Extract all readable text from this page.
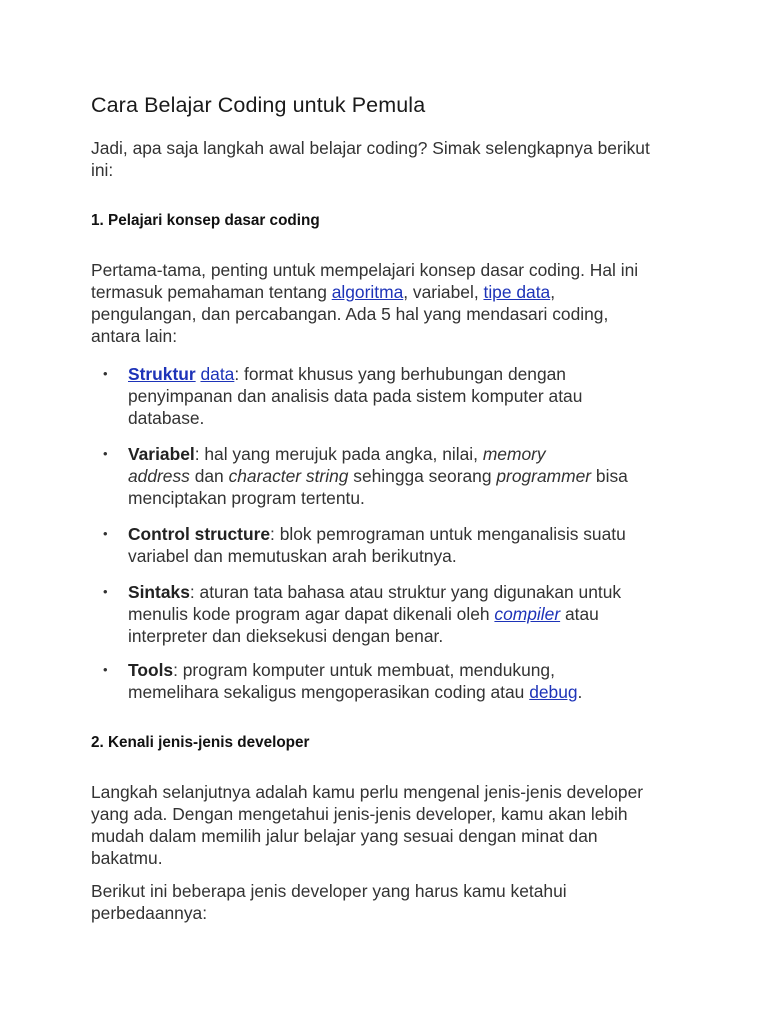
Cara Belajar Coding untuk Pemula

Jadi, apa saja langkah awal belajar coding? Simak selengkapnya berikut
ini:

1. Pelajari konsep dasar coding

Pertama-tama, penting untuk mempelajari konsep dasar coding. Hal ini
termasuk pemahaman tentang algoritma, variabel, tipe data,
pengulangan, dan percabangan. Ada 5 hal yang mendasari coding,
antara lain:

• Struktur data: format khusus yang berhubungan dengan
penyimpanan dan analisis data pada sistem komputer atau
database.
• Variabel: hal yang merujuk pada angka, nilai, memory
address dan character string sehingga seorang programmer bisa
menciptakan program tertentu.
• Control structure: blok pemrograman untuk menganalisis suatu
variabel dan memutuskan arah berikutnya.
• Sintaks: aturan tata bahasa atau struktur yang digunakan untuk
menulis kode program agar dapat dikenali oleh compiler atau
interpreter dan dieksekusi dengan benar.
• Tools: program komputer untuk membuat, mendukung,
memelihara sekaligus mengoperasikan coding atau debug.
2. Kenali jenis-jenis developer

Langkah selanjutnya adalah kamu perlu mengenal jenis-jenis developer
yang ada. Dengan mengetahui jenis-jenis developer, kamu akan lebih
mudah dalam memilih jalur belajar yang sesuai dengan minat dan
bakatmu.

Berikut ini beberapa jenis developer yang harus kamu ketahui
perbedaannya:
